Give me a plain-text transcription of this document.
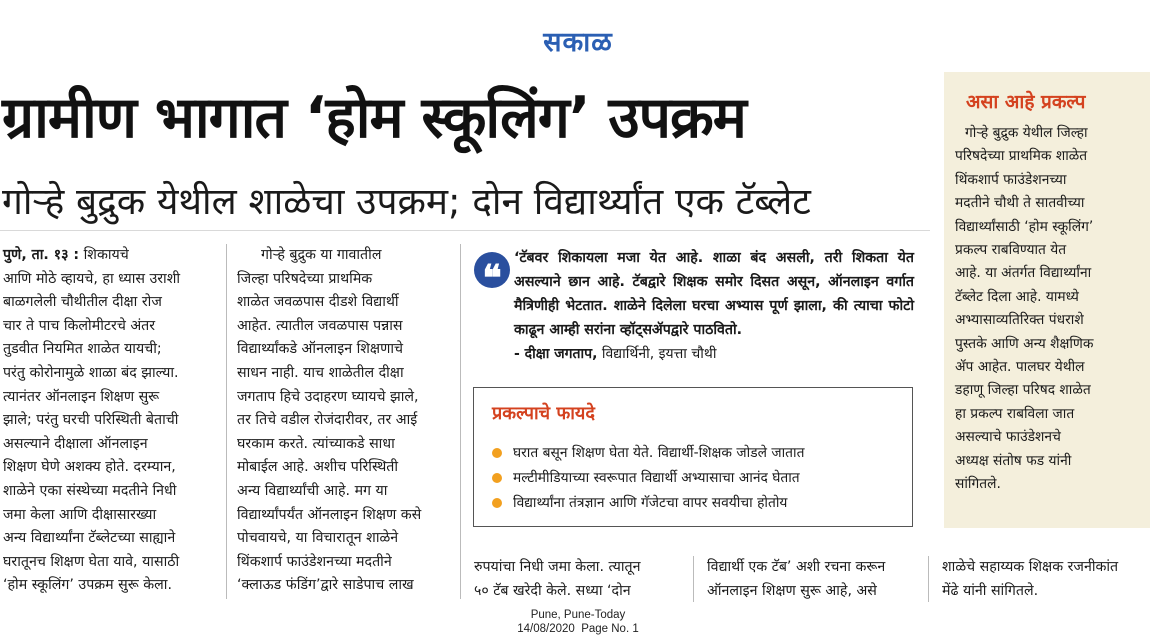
सकाळ
ग्रामीण भागात ‘होम स्कूलिंग’ उपक्रम
गोऱ्हे बुद्रुक येथील शाळेचा उपक्रम; दोन विद्यार्थ्यांत एक टॅब्लेट
पुणे, ता. १३ : शिकायचे
आणि मोठे व्हायचे, हा ध्यास उराशी
बाळगलेली चौथीतील दीक्षा रोज
चार ते पाच किलोमीटरचे अंतर
तुडवीत नियमित शाळेत यायची;
परंतु कोरोनामुळे शाळा बंद झाल्या.
त्यानंतर ऑनलाइन शिक्षण सुरू
झाले; परंतु घरची परिस्थिती बेताची
असल्याने दीक्षाला ऑनलाइन
शिक्षण घेणे अशक्य होते. दरम्यान,
शाळेने एका संस्थेच्या मदतीने निधी
जमा केला आणि दीक्षासारख्या
अन्य विद्यार्थ्यांना टॅब्लेटच्या साह्याने
घरातूनच शिक्षण घेता यावे, यासाठी
‘होम स्कूलिंग’ उपक्रम सुरू केला.
गोऱ्हे बुद्रुक या गावातील
जिल्हा परिषदेच्या प्राथमिक
शाळेत जवळपास दीडशे विद्यार्थी
आहेत. त्यातील जवळपास पन्नास
विद्यार्थ्यांकडे ऑनलाइन शिक्षणाचे
साधन नाही. याच शाळेतील दीक्षा
जगताप हिचे उदाहरण घ्यायचे झाले,
तर तिचे वडील रोजंदारीवर, तर आई
घरकाम करते. त्यांच्याकडे साधा
मोबाईल आहे. अशीच परिस्थिती
अन्य विद्यार्थ्यांची आहे. मग या
विद्यार्थ्यांपर्यंत ऑनलाइन शिक्षण कसे
पोचवायचे, या विचारातून शाळेने
थिंकशार्प फाउंडेशनच्या मदतीने
‘क्लाऊड फंडिंग’द्वारे साडेपाच लाख
❝ ‘टॅबवर शिकायला मजा येत आहे. शाळा बंद असली, तरी शिकता येत असल्याने छान आहे. टॅबद्वारे शिक्षक समोर दिसत असून, ऑनलाइन वर्गात मैत्रिणीही भेटतात. शाळेने दिलेला घरचा अभ्यास पूर्ण झाला, की त्याचा फोटो काढून आम्ही सरांना व्हॉट्सॲपद्वारे पाठवितो.
- दीक्षा जगताप, विद्यार्थिनी, इयत्ता चौथी
प्रकल्पाचे फायदे
घरात बसून शिक्षण घेता येते. विद्यार्थी-शिक्षक जोडले जातात
मल्टीमीडियाच्या स्वरूपात विद्यार्थी अभ्यासाचा आनंद घेतात
विद्यार्थ्यांना तंत्रज्ञान आणि गॅजेटचा वापर सवयीचा होतोय
रुपयांचा निधी जमा केला. त्यातून
५० टॅब खरेदी केले. सध्या ‘दोन
विद्यार्थी एक टॅब’ अशी रचना करून
ऑनलाइन शिक्षण सुरू आहे, असे
शाळेचे सहाय्यक शिक्षक रजनीकांत
मेंढे यांनी सांगितले.
असा आहे प्रकल्प
गोऱ्हे बुद्रुक येथील जिल्हा
परिषदेच्या प्राथमिक शाळेत
थिंकशार्प फाउंडेशनच्या
मदतीने चौथी ते सातवीच्या
विद्यार्थ्यांसाठी ‘होम स्कूलिंग’
प्रकल्प राबविण्यात येत
आहे. या अंतर्गत विद्यार्थ्यांना
टॅब्लेट दिला आहे. यामध्ये
अभ्यासाव्यतिरिक्त पंधराशे
पुस्तके आणि अन्य शैक्षणिक
ॲप आहेत. पालघर येथील
डहाणू जिल्हा परिषद शाळेत
हा प्रकल्प राबविला जात
असल्याचे फाउंडेशनचे
अध्यक्ष संतोष फड यांनी
सांगितले.
Pune, Pune-Today
14/08/2020  Page No. 1
